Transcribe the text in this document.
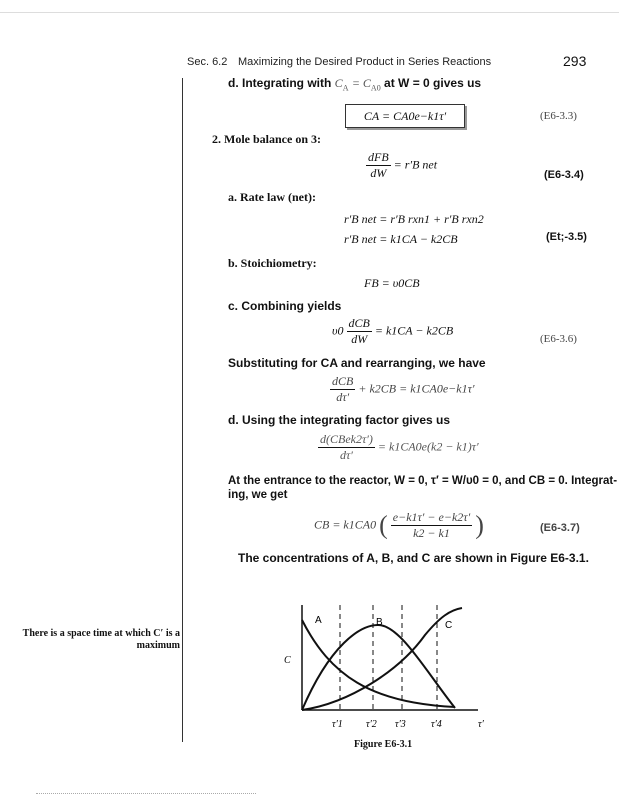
Sec. 6.2 Maximizing the Desired Product in Series Reactions	293
d. Integrating with $C_A = C_{A0}$ at W = 0 gives us
CA = CA0e−k1τ′	(E6-3.3)
2. Mole balance on 3:
$\frac{\text{dFB}}{dW} = r'B$ net
(E6-3.4)
a. Rate law (net):
r′B net = r′B rxn1 + r′B rxn2
r′B net = k1CA − k2CB	(Et;-3.5)
b. Stoichiometry:
FB = υ0CB
c. Combining yields
$\upsilon 0 \frac{\text{dCB}}{dW} = k1CA - k2CB$
(E6-3.6)
Substituting for CA and rearranging, we have
$\frac{\text{dCB}}{d\tau'} + k2CB = k1CA0e-k1\tau'$
d. Using the integrating factor gives us
$\frac{\text{d(CBek2τ′)}}{d\tau'} = k1CA0e(k2 - k1)\tau'$
At the entrance to the reactor, W = 0, τ′ = W/υ0 = 0, and CB = 0. Integrat-
ing, we get
CB = k1CA0 ( $\frac{e-k1\tau' - e-k2\tau'}{k2 - k1}$ )	(E6-3.7)
The concentrations of A, B, and C are shown in Figure E6-3.1.
There is a space time at which C′ is a maximum
A	B	C
C
τ′1 τ′2 τ′3	τ′4	τ′
Figure E6-3.1
